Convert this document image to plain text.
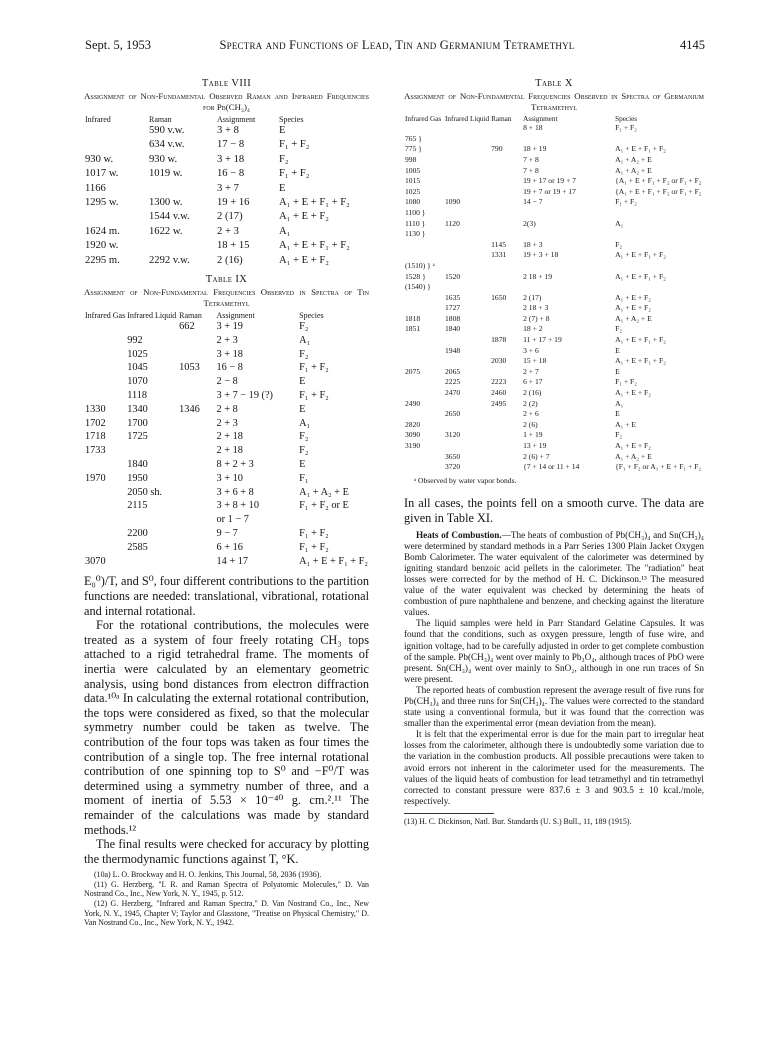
Sept. 5, 1953	Spectra and Functions of Lead, Tin and Germanium Tetramethyl	4145
Table VIII
Assignment of Non-Fundamental Observed Raman and Infrared Frequencies for Pb(CH₃)₄
Infrared	Raman	Assignment	Species
	590 v.w.	3 + 8	E
	634 v.w.	17 − 8	F₁ + F₂
930 w.	930 w.	3 + 18	F₂
1017 w.	1019 w.	16 − 8	F₁ + F₂
1166		3 + 7	E
1295 w.	1300 w.	19 + 16	A₁ + E + F₁ + F₂
	1544 v.w.	2 (17)	A₁ + E + F₂
1624 m.	1622 w.	2 + 3	A₁
1920 w.		18 + 15	A₁ + E + F₁ + F₂
2295 m.	2292 v.w.	2 (16)	A₁ + E + F₂
Table IX
Assignment of Non-Fundamental Frequencies Observed in Spectra of Tin Tetramethyl
Infrared Gas	Infrared Liquid	Raman	Assignment	Species
		662	3 + 19	F₂
	992		2 + 3	A₁
	1025		3 + 18	F₂
	1045	1053	16 − 8	F₁ + F₂
	1070		2 − 8	E
	1118		3 + 7 − 19 (?)	F₁ + F₂
1330	1340	1346	2 + 8	E
1702	1700		2 + 3	A₁
1718	1725		2 + 18	F₂
1733			2 + 18	F₂
	1840		8 + 2 + 3	E
1970	1950		3 + 10	F₁
	2050 sh.		3 + 6 + 8	A₁ + A₂ + E
	2115		3 + 8 + 10	F₁ + F₂ or E
			or 1 − 7	
	2200		9 − 7	F₁ + F₂
	2585		6 + 16	F₁ + F₂
3070			14 + 17	A₁ + E + F₁ + F₂

E₀⁰)/T, and S⁰, four different contributions to the partition functions are needed: translational, vibrational, rotational and internal rotational.

For the rotational contributions, the molecules were treated as a system of four freely rotating CH₃ tops attached to a rigid tetrahedral frame. The moments of inertia were calculated by an elementary geometric analysis, using bond distances from electron diffraction data.¹⁰ᵃ In calculating the external rotational contribution, the tops were considered as fixed, so that the molecular symmetry number could be taken as twelve. The contribution of the four tops was taken as four times the contribution of a single top. The free internal rotational contribution of one spinning top to S⁰ and −F⁰/T was determined using a symmetry number of three, and a moment of inertia of 5.53 × 10⁻⁴⁰ g. cm.².¹¹ The remainder of the calculations was made by standard methods.¹²

The final results were checked for accuracy by plotting the thermodynamic functions against T, °K.

(10a) L. O. Brockway and H. O. Jenkins, This Journal, 58, 2036 (1936).
(11) G. Herzberg, "I. R. and Raman Spectra of Polyatomic Molecules," D. Van Nostrand Co., Inc., New York, N. Y., 1945, p. 512.
(12) G. Herzberg, "Infrared and Raman Spectra," D. Van Nostrand Co., Inc., New York, N. Y., 1945, Chapter V; Taylor and Glasstone, "Treatise on Physical Chemistry," D. Van Nostrand Co., Inc., New York, N. Y., 1942.
Table X
Assignment of Non-Fundamental Frequencies Observed in Spectra of Germanium Tetramethyl
Infrared Gas	Infrared Liquid	Raman	Assignment	Species
			8 + 18	F₁ + F₂
765 }				
775 }		790	18 + 19	A₁ + E + F₁ + F₂
998			7 + 8	A₁ + A₂ + E
1005			7 + 8	A₁ + A₂ + E
1015			19 + 17 or 19 + 7	{A₁ + E + F₁ + F₂ or F₁ + F₂
1025			19 + 7 or 19 + 17	{A₁ + E + F₁ + F₂ or F₁ + F₂
1080	1090		14 − 7	F₁ + F₂
1100 }				
1110 }	1120		2(3)	A₁
1130 }				
		1145	18 + 3	F₂
		1331	19 + 3 + 18	A₁ + E + F₁ + F₂
(1510) } ᵃ				
1528 }	1520		2 18 + 19	A₁ + E + F₁ + F₂
(1540) }				
	1635	1650	2 (17)	A₁ + E + F₂
	1727		2 18 + 3	A₁ + E + F₂
1818	1808		2 (7) + 8	A₁ + A₂ + E
1851	1840		18 + 2	F₂
		1878	11 + 17 + 19	A₁ + E + F₁ + F₂
	1948		3 + 6	E
		2030	15 + 18	A₁ + E + F₁ + F₂
2075	2065		2 + 7	E
	2225	2223	6 + 17	F₁ + F₂
	2470	2460	2 (16)	A₁ + E + F₂
2490		2495	2 (2)	A₁
	2650		2 + 6	E
2820			2 (6)	A₁ + E
3090	3120		1 + 19	F₂
3190			13 + 19	A₁ + E + F₂
	3650		2 (6) + 7	A₁ + A₂ + E
	3720		{7 + 14 or 11 + 14	{F₁ + F₂ or A₁ + E + F₁ + F₂
ᵃ Observed by water vapor bonds.
In all cases, the points fell on a smooth curve. The data are given in Table XI.

Heats of Combustion.—The heats of combustion of Pb(CH₃)₄ and Sn(CH₃)₄ were determined by standard methods in a Parr Series 1300 Plain Jacket Oxygen Bomb Calorimeter. The water equivalent of the calorimeter was determined by igniting standard benzoic acid pellets in the calorimeter. The "radiation" heat losses were corrected for by the method of H. C. Dickinson.¹³ The measured value of the water equivalent was checked by determining the heats of combustion of pure naphthalene and benzene, and checking against the literature values.

The liquid samples were held in Parr Standard Gelatine Capsules. It was found that the conditions, such as oxygen pressure, length of fuse wire, and ignition voltage, had to be carefully adjusted in order to get complete combustion of the sample. Pb(CH₃)₄ went over mainly to Pb₃O₄, although traces of PbO were present. Sn(CH₃)₄ went over mainly to SnO₂, although in one run traces of Sn were present.

The reported heats of combustion represent the average result of five runs for Pb(CH₃)₄ and three runs for Sn(CH₃)₄. The values were corrected to the standard state using a conventional formula, but it was found that the correction was smaller than the experimental error (mean deviation from the mean).

It is felt that the experimental error is due for the main part to irregular heat losses from the calorimeter, although there is undoubtedly some variation due to the variation in the combustion products. All possible precautions were taken to avoid errors not inherent in the calorimeter used for the measurements. The values of the liquid heats of combustion for lead tetramethyl and tin tetramethyl corrected to constant pressure were 837.6 ± 3 and 903.5 ± 10 kcal./mole, respectively.

(13) H. C. Dickinson, Natl. Bur. Standards (U. S.) Bull., 11, 189 (1915).
